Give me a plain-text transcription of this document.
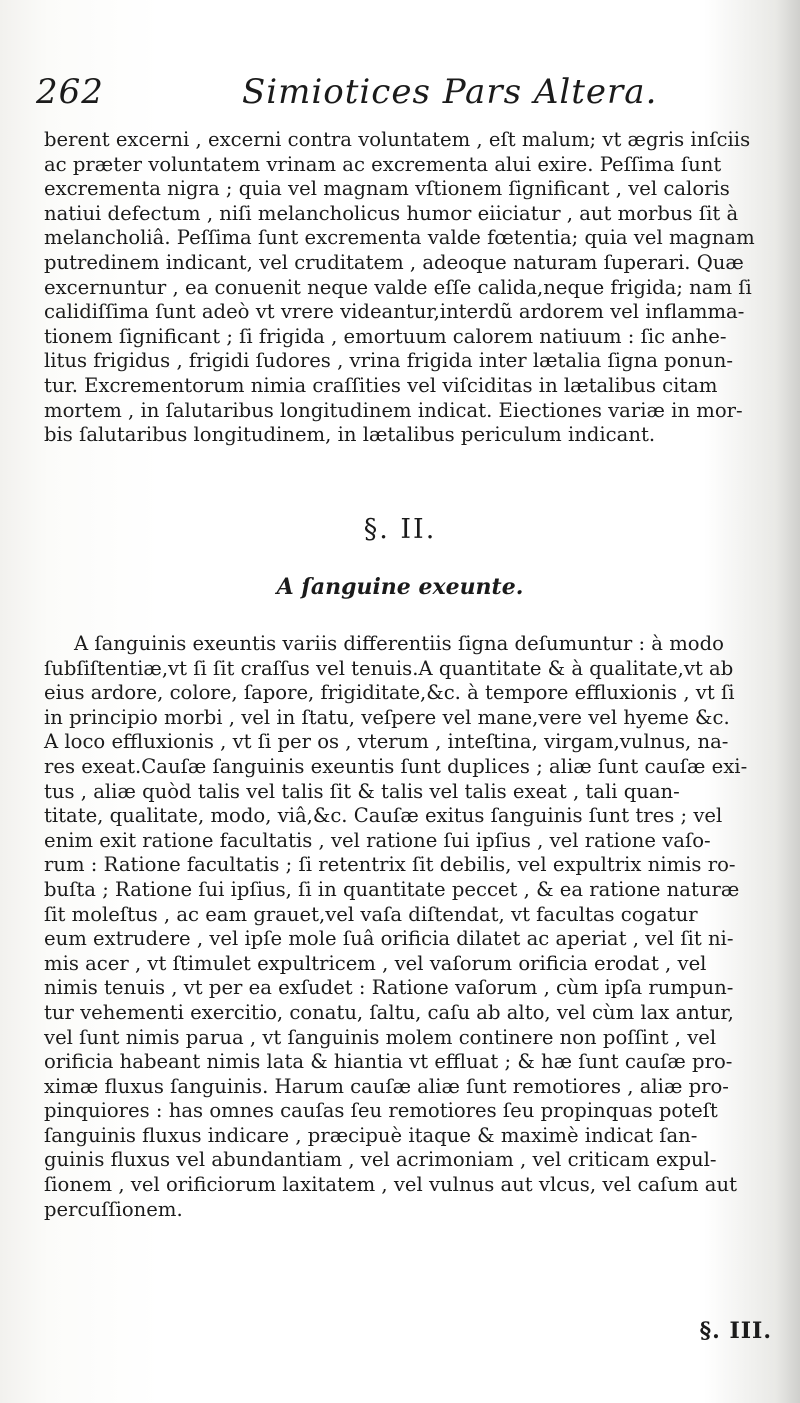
262	Simiotices Pars Altera.
berent excerni , excerni contra voluntatem , eſt malum; vt ægris inſciis
ac præter voluntatem vrinam ac excrementa alui exire. Peſſima ſunt
excrementa nigra ; quia vel magnam vſtionem ſignificant , vel caloris
natiui defectum , niſi melancholicus humor eiiciatur , aut morbus ſit à
melancholiâ. Peſſima ſunt excrementa valde fœtentia; quia vel magnam
putredinem indicant, vel cruditatem , adeoque naturam ſuperari. Quæ
excernuntur , ea conuenit neque valde eſſe calida,neque frigida; nam ſi
calidiſſima ſunt adeò vt vrere videantur,interdũ ardorem vel inflamma-
tionem ſignificant ; ſi frigida , emortuum calorem natiuum : ſic anhe-
litus frigidus , frigidi ſudores , vrina frigida inter lætalia ſigna ponun-
tur. Excrementorum nimia craſſities vel viſciditas in lætalibus citam
mortem , in ſalutaribus longitudinem indicat. Eiectiones variæ in mor-
bis ſalutaribus longitudinem, in lætalibus periculum indicant.
§. II.
A ſanguine exeunte.
A ſanguinis exeuntis variis differentiis ſigna deſumuntur : à modo
ſubſiſtentiæ,vt ſi ſit craſſus vel tenuis.A quantitate & à qualitate,vt ab
eius ardore, colore, ſapore, frigiditate,&c. à tempore effluxionis , vt ſi
in principio morbi , vel in ſtatu, veſpere vel mane,vere vel hyeme &c.
A loco effluxionis , vt ſi per os , vterum , inteſtina, virgam,vulnus, na-
res exeat.Cauſæ ſanguinis exeuntis ſunt duplices ; aliæ ſunt cauſæ exi-
tus , aliæ quòd talis vel talis ſit & talis vel talis exeat , tali quan-
titate, qualitate, modo, viâ,&c. Cauſæ exitus ſanguinis ſunt tres ; vel
enim exit ratione facultatis , vel ratione ſui ipſius , vel ratione vaſo-
rum : Ratione facultatis ; ſi retentrix ſit debilis, vel expultrix nimis ro-
buſta ; Ratione ſui ipſius, ſi in quantitate peccet , & ea ratione naturæ
ſit moleſtus , ac eam grauet,vel vaſa diſtendat, vt facultas cogatur
eum extrudere , vel ipſe mole ſuâ orificia dilatet ac aperiat , vel ſit ni-
mis acer , vt ſtimulet expultricem , vel vaſorum orificia erodat , vel
nimis tenuis , vt per ea exſudet : Ratione vaſorum , cùm ipſa rumpun-
tur vehementi exercitio, conatu, ſaltu, caſu ab alto, vel cùm lax antur,
vel ſunt nimis parua , vt ſanguinis molem continere non poſſint , vel
orificia habeant nimis lata & hiantia vt effluat ; & hæ ſunt cauſæ pro-
ximæ fluxus ſanguinis. Harum cauſæ aliæ ſunt remotiores , aliæ pro-
pinquiores : has omnes cauſas ſeu remotiores ſeu propinquas poteſt
ſanguinis fluxus indicare , præcipuè itaque & maximè indicat ſan-
guinis fluxus vel abundantiam , vel acrimoniam , vel criticam expul-
ſionem , vel orificiorum laxitatem , vel vulnus aut vlcus, vel caſum aut
percuſſionem.
§. III.
